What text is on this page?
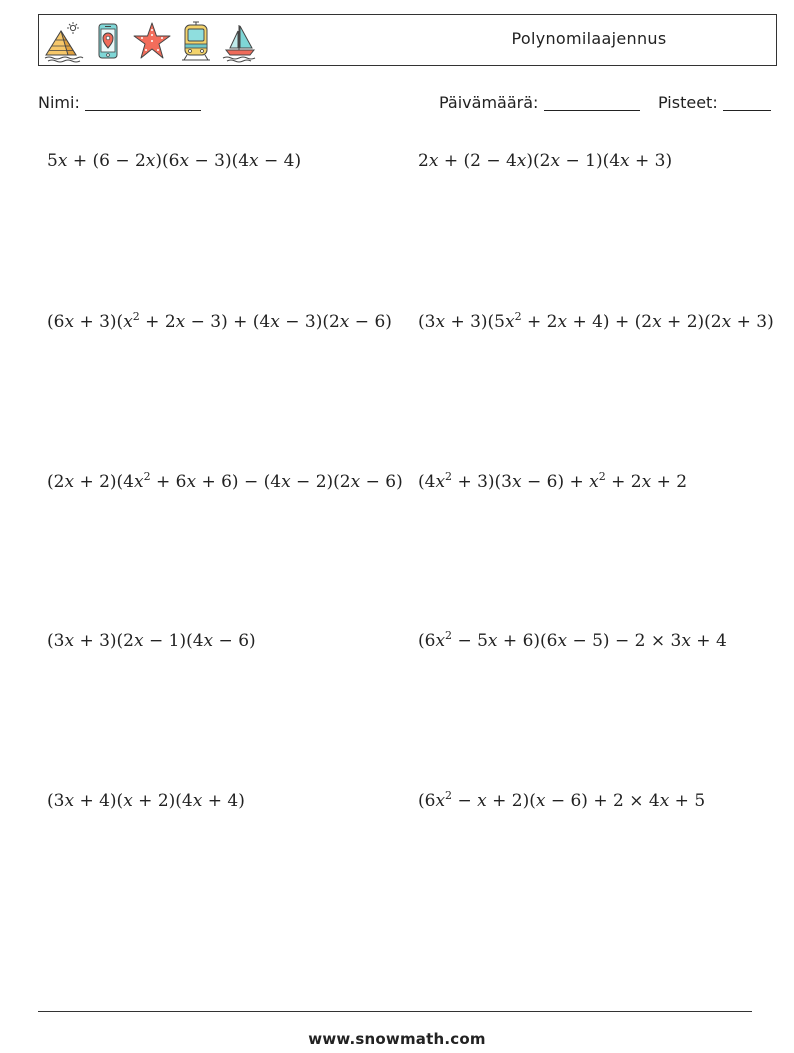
Polynomilaajennus
Nimi:	Päivämäärä:	Pisteet:
5x + (6 − 2x)(6x − 3)(4x − 4)	2x + (2 − 4x)(2x − 1)(4x + 3)
$(6x + 3)(x^2 + 2x - 3) + (4x - 3)(2x - 6)$ $(3x + 3)(5x^2 + 2x + 4) + (2x + 2)(2x + 3)$
$(2x + 2)(4x^2 + 6x + 6) - (4x - 2)(2x - 6)$ $(4x^2 + 3)(3x - 6) + x^2 + 2x + 2$
(3x + 3)(2x − 1)(4x − 6)	$(6x^2 - 5x + 6)(6x - 5) - 2 \times 3x + 4$
(3x + 4)(x + 2)(4x + 4)	$(6x^2 - x + 2)(x - 6) + 2 \times 4x + 5$
www.snowmath.com
